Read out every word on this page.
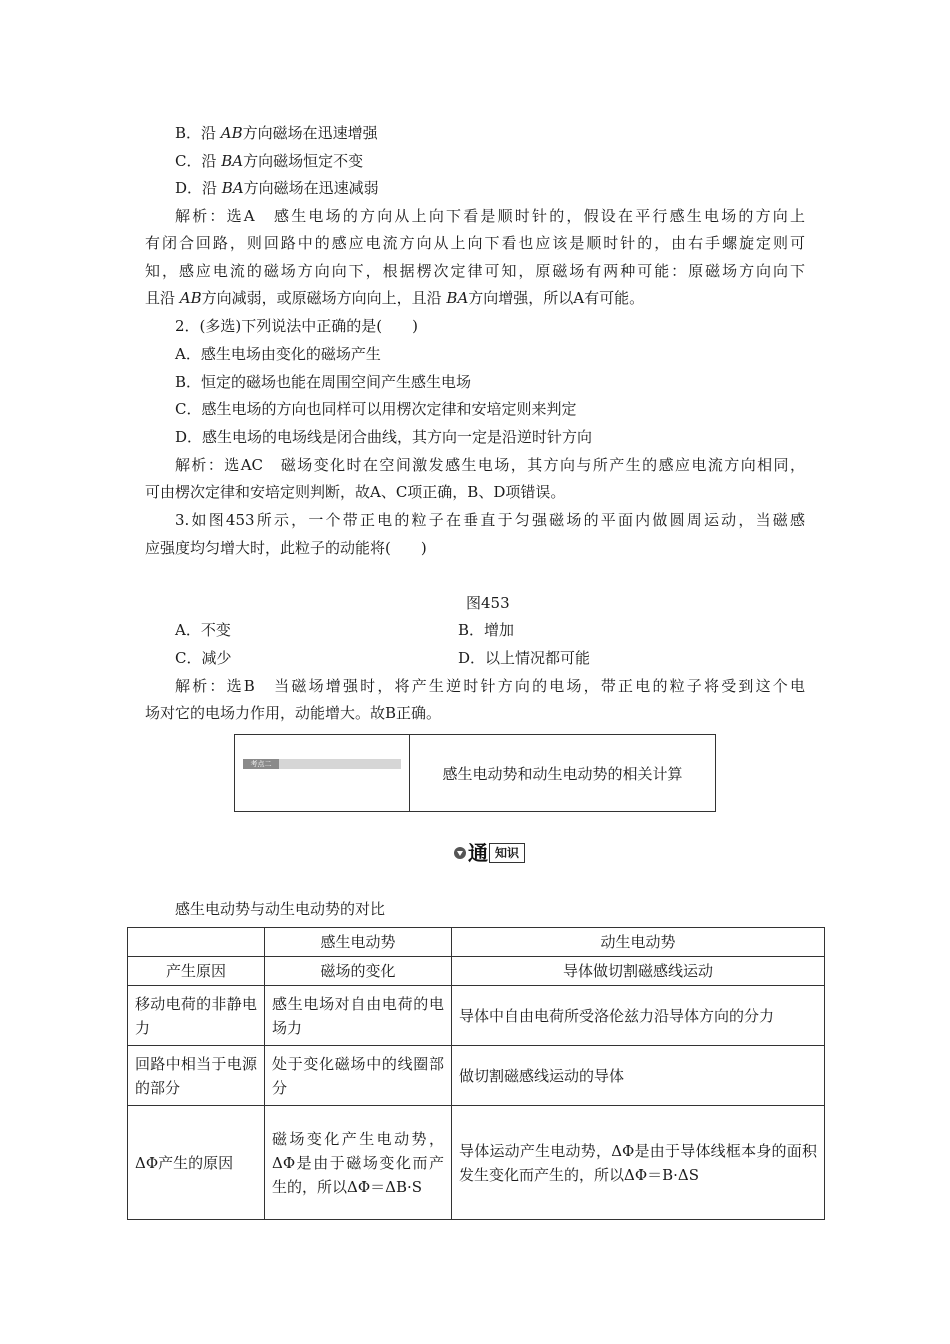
B．沿 AB方向磁场在迅速增强
C．沿 BA方向磁场恒定不变
D．沿 BA方向磁场在迅速减弱
解析：选A　感生电场的方向从上向下看是顺时针的，假设在平行感生电场的方向上
有闭合回路，则回路中的感应电流方向从上向下看也应该是顺时针的，由右手螺旋定则可
知，感应电流的磁场方向向下，根据楞次定律可知，原磁场有两种可能：原磁场方向向下
且沿 AB方向减弱，或原磁场方向向上，且沿 BA方向增强，所以A有可能。
2．(多选)下列说法中正确的是(　　)
A．感生电场由变化的磁场产生
B．恒定的磁场也能在周围空间产生感生电场
C．感生电场的方向也同样可以用楞次定律和安培定则来判定
D．感生电场的电场线是闭合曲线，其方向一定是沿逆时针方向
解析：选AC　磁场变化时在空间激发感生电场，其方向与所产生的感应电流方向相同，
可由楞次定律和安培定则判断，故A、C项正确，B、D项错误。
3.如图453所示，一个带正电的粒子在垂直于匀强磁场的平面内做圆周运动，当磁感
应强度均匀增大时，此粒子的动能将(　　)
图453
A．不变	B．增加
C．减少	D．以上情况都可能
解析：选B　当磁场增强时，将产生逆时针方向的电场，带正电的粒子将受到这个电
场对它的电场力作用，动能增大。故B正确。
考点二
感生电动势和动生电动势的相关计算
通 知识
感生电动势与动生电动势的对比
	感生电动势	动生电动势
产生原因	磁场的变化	导体做切割磁感线运动
移动电荷的非静电力	感生电场对自由电荷的电场力	导体中自由电荷所受洛伦兹力沿导体方向的分力
回路中相当于电源的部分	处于变化磁场中的线圈部分	做切割磁感线运动的导体
ΔΦ产生的原因	磁场变化产生电动势，ΔΦ是由于磁场变化而产生的，所以ΔΦ＝ΔB·S	导体运动产生电动势，ΔΦ是由于导体线框本身的面积发生变化而产生的，所以ΔΦ＝B·ΔS
